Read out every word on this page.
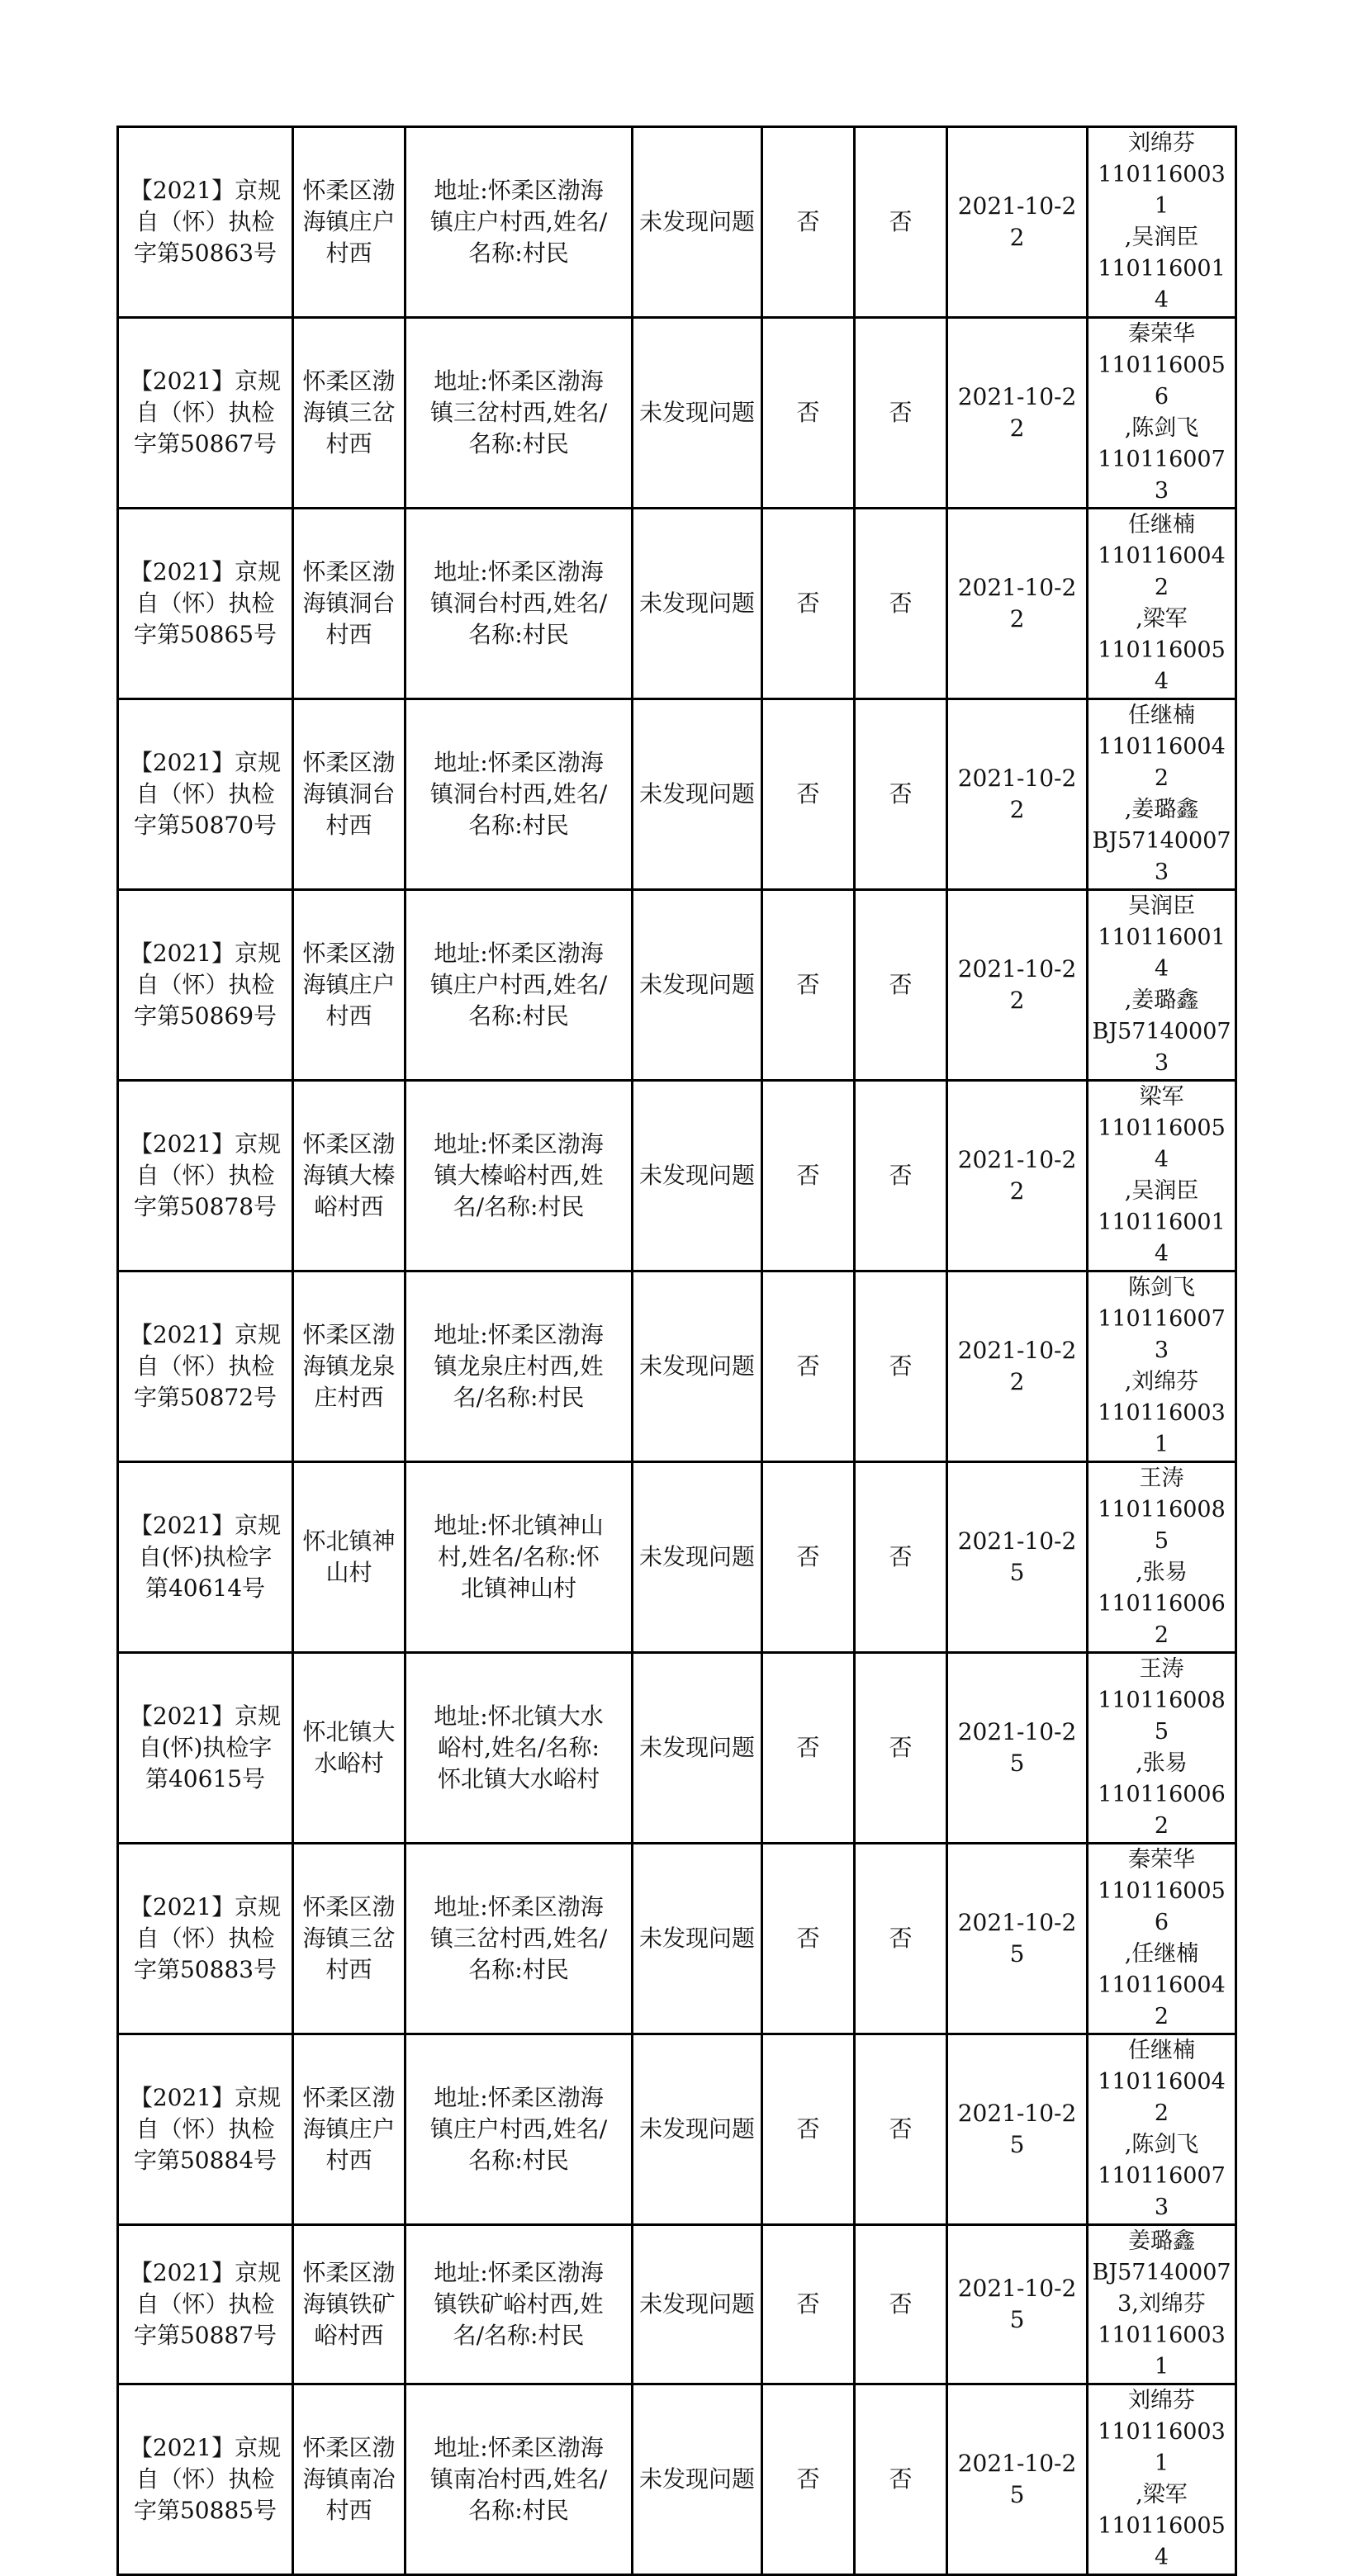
【2021】京规
自（怀）执检
字第50863号	怀柔区渤
海镇庄户
村西	地址:怀柔区渤海
镇庄户村西,姓名/
名称:村民	未发现问题	否	否	2021-10-22	刘绵芬
1101160031
,吴润臣
1101160014

【2021】京规
自（怀）执检
字第50867号	怀柔区渤
海镇三岔
村西	地址:怀柔区渤海
镇三岔村西,姓名/
名称:村民	未发现问题	否	否	2021-10-22	秦荣华
1101160056
,陈剑飞
1101160073

【2021】京规
自（怀）执检
字第50865号	怀柔区渤
海镇洞台
村西	地址:怀柔区渤海
镇洞台村西,姓名/
名称:村民	未发现问题	否	否	2021-10-22	任继楠
1101160042
,梁军
1101160054

【2021】京规
自（怀）执检
字第50870号	怀柔区渤
海镇洞台
村西	地址:怀柔区渤海
镇洞台村西,姓名/
名称:村民	未发现问题	否	否	2021-10-22	任继楠
1101160042
,姜璐鑫
BJ57140007
3

【2021】京规
自（怀）执检
字第50869号	怀柔区渤
海镇庄户
村西	地址:怀柔区渤海
镇庄户村西,姓名/
名称:村民	未发现问题	否	否	2021-10-22	吴润臣
1101160014
,姜璐鑫
BJ57140007
3

【2021】京规
自（怀）执检
字第50878号	怀柔区渤
海镇大榛
峪村西	地址:怀柔区渤海
镇大榛峪村西,姓
名/名称:村民	未发现问题	否	否	2021-10-22	梁军
1101160054
,吴润臣
1101160014

【2021】京规
自（怀）执检
字第50872号	怀柔区渤
海镇龙泉
庄村西	地址:怀柔区渤海
镇龙泉庄村西,姓
名/名称:村民	未发现问题	否	否	2021-10-22	陈剑飞
1101160073
,刘绵芬
1101160031

【2021】京规
自(怀)执检字
第40614号	怀北镇神
山村	地址:怀北镇神山
村,姓名/名称:怀
北镇神山村	未发现问题	否	否	2021-10-25	王涛
1101160085
,张易
1101160062

【2021】京规
自(怀)执检字
第40615号	怀北镇大
水峪村	地址:怀北镇大水
峪村,姓名/名称:
怀北镇大水峪村	未发现问题	否	否	2021-10-25	王涛
1101160085
,张易
1101160062

【2021】京规
自（怀）执检
字第50883号	怀柔区渤
海镇三岔
村西	地址:怀柔区渤海
镇三岔村西,姓名/
名称:村民	未发现问题	否	否	2021-10-25	秦荣华
1101160056
,任继楠
1101160042

【2021】京规
自（怀）执检
字第50884号	怀柔区渤
海镇庄户
村西	地址:怀柔区渤海
镇庄户村西,姓名/
名称:村民	未发现问题	否	否	2021-10-25	任继楠
1101160042
,陈剑飞
1101160073

【2021】京规
自（怀）执检
字第50887号	怀柔区渤
海镇铁矿
峪村西	地址:怀柔区渤海
镇铁矿峪村西,姓
名/名称:村民	未发现问题	否	否	2021-10-25	姜璐鑫
BJ57140007
3,刘绵芬
1101160031

【2021】京规
自（怀）执检
字第50885号	怀柔区渤
海镇南冶
村西	地址:怀柔区渤海
镇南冶村西,姓名/
名称:村民	未发现问题	否	否	2021-10-25	刘绵芬
1101160031
,梁军
1101160054
